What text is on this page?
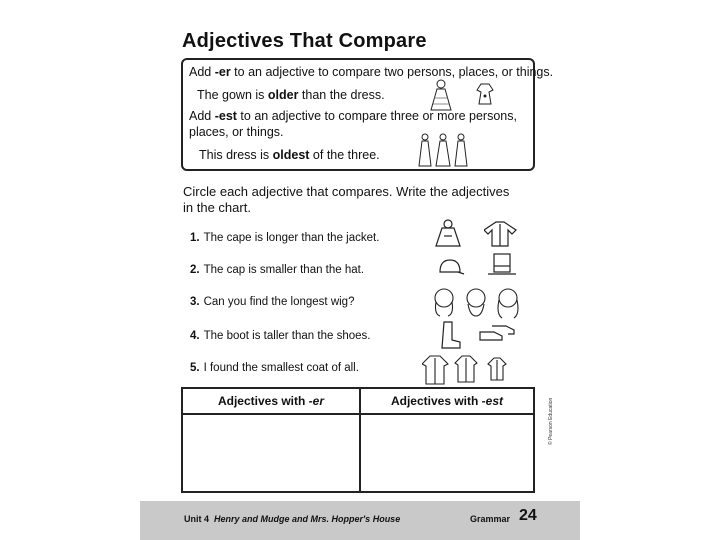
Adjectives That Compare
Add -er to an adjective to compare two persons, places, or things.
The gown is older than the dress.
Add -est to an adjective to compare three or more persons,
places, or things.
This dress is oldest of the three.
Circle each adjective that compares. Write the adjectives in the chart.
1. The cape is longer than the jacket.
2. The cap is smaller than the hat.
3. Can you find the longest wig?
4. The boot is taller than the shoes.
5. I found the smallest coat of all.
Adjectives with -er	Adjectives with -est	© Pearson Education
Unit 4 Henry and Mudge and Mrs. Hopper's House	Grammar 24
